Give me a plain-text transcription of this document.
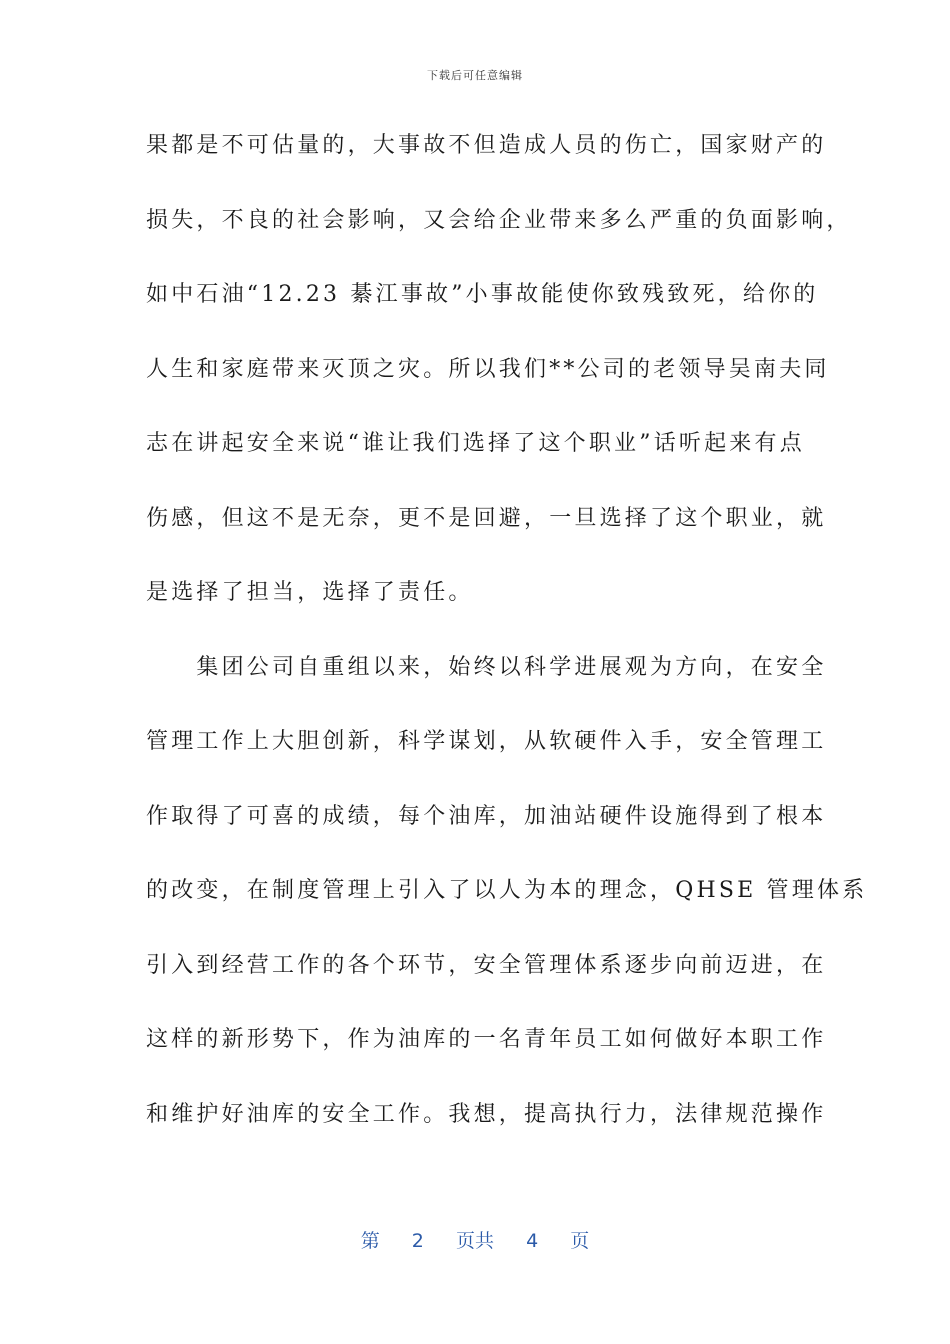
下载后可任意编辑
果都是不可估量的，大事故不但造成人员的伤亡，国家财产的
损失，不良的社会影响，又会给企业带来多么严重的负面影响，
如中石油“12.23 綦江事故”小事故能使你致残致死，给你的
人生和家庭带来灭顶之灾。所以我们**公司的老领导吴南夫同
志在讲起安全来说“谁让我们选择了这个职业”话听起来有点
伤感，但这不是无奈，更不是回避，一旦选择了这个职业，就
是选择了担当，选择了责任。
　　集团公司自重组以来，始终以科学进展观为方向，在安全
管理工作上大胆创新，科学谋划，从软硬件入手，安全管理工
作取得了可喜的成绩，每个油库，加油站硬件设施得到了根本
的改变，在制度管理上引入了以人为本的理念，QHSE 管理体系
引入到经营工作的各个环节，安全管理体系逐步向前迈进，在
这样的新形势下，作为油库的一名青年员工如何做好本职工作
和维护好油库的安全工作。我想，提高执行力，法律规范操作
第 2 页共 4 页
